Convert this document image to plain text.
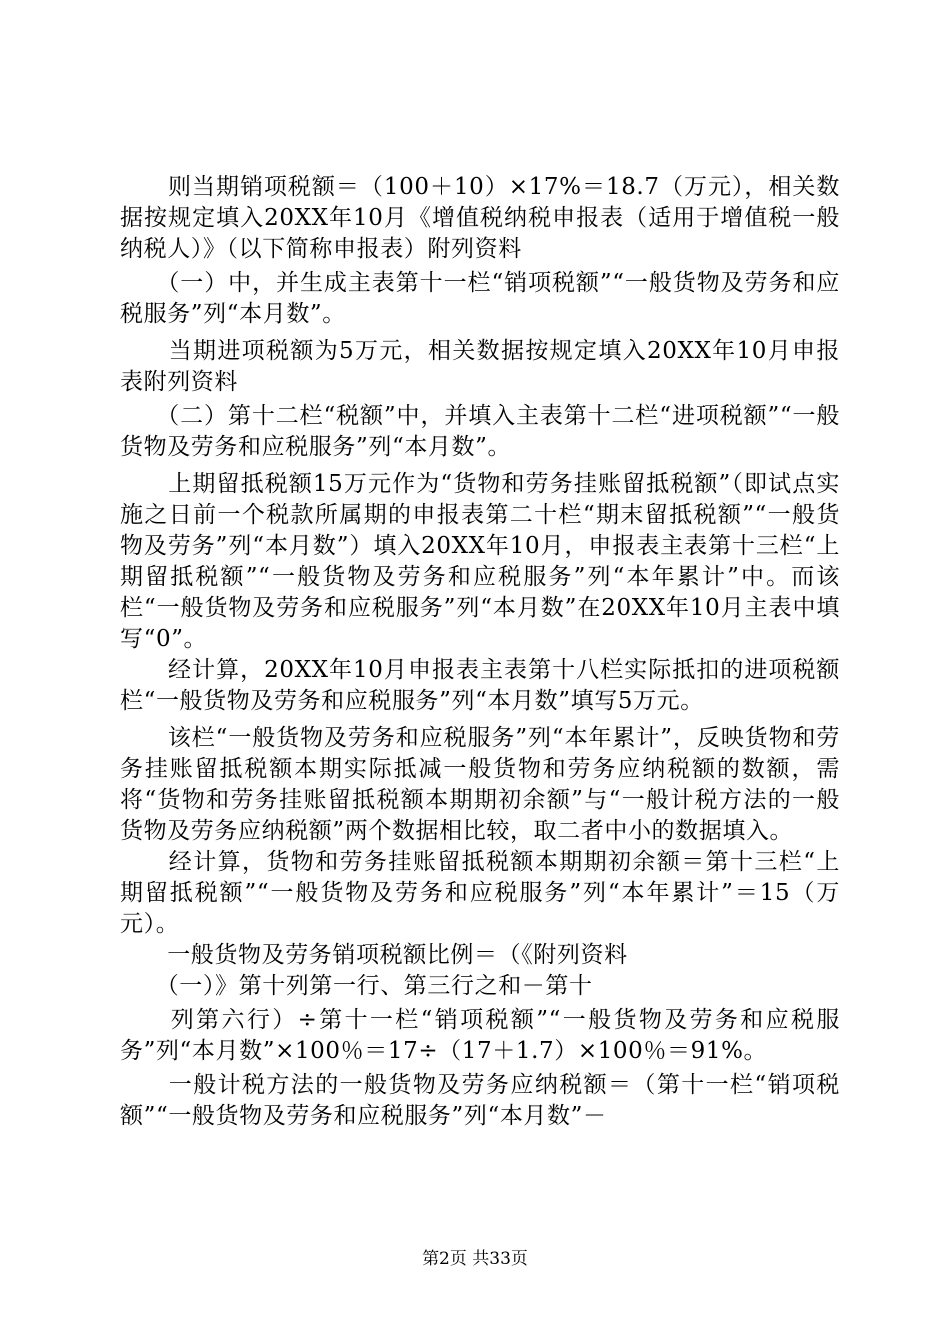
　　则当期销项税额＝（100＋10）×17%＝18.7（万元），相关数据按规定填入20XX年10月《增值税纳税申报表（适用于增值税一般纳税人）》（以下简称申报表）附列资料

　　（一）中，并生成主表第十一栏“销项税额”“一般货物及劳务和应税服务”列“本月数”。

　　当期进项税额为5万元，相关数据按规定填入20XX年10月申报表附列资料

　　（二）第十二栏“税额”中，并填入主表第十二栏“进项税额”“一般货物及劳务和应税服务”列“本月数”。

　　上期留抵税额15万元作为“货物和劳务挂账留抵税额”（即试点实施之日前一个税款所属期的申报表第二十栏“期末留抵税额”“一般货物及劳务”列“本月数”）填入20XX年10月，申报表主表第十三栏“上期留抵税额”“一般货物及劳务和应税服务”列“本年累计”中。而该栏“一般货物及劳务和应税服务”列“本月数”在20XX年10月主表中填写“0”。

　　经计算，20XX年10月申报表主表第十八栏实际抵扣的进项税额栏“一般货物及劳务和应税服务”列“本月数”填写5万元。

　　该栏“一般货物及劳务和应税服务”列“本年累计”，反映货物和劳务挂账留抵税额本期实际抵减一般货物和劳务应纳税额的数额，需将“货物和劳务挂账留抵税额本期期初余额”与“一般计税方法的一般货物及劳务应纳税额”两个数据相比较，取二者中小的数据填入。

　　经计算，货物和劳务挂账留抵税额本期期初余额＝第十三栏“上期留抵税额”“一般货物及劳务和应税服务”列“本年累计”＝15（万元）。

　　一般货物及劳务销项税额比例＝（《附列资料

　　（一）》第十列第一行、第三行之和－第十

　　列第六行）÷第十一栏“销项税额”“一般货物及劳务和应税服务”列“本月数”×100％＝17÷（17＋1.7）×100％＝91%。

　　一般计税方法的一般货物及劳务应纳税额＝（第十一栏“销项税额”“一般货物及劳务和应税服务”列“本月数”－

第2页 共33页
